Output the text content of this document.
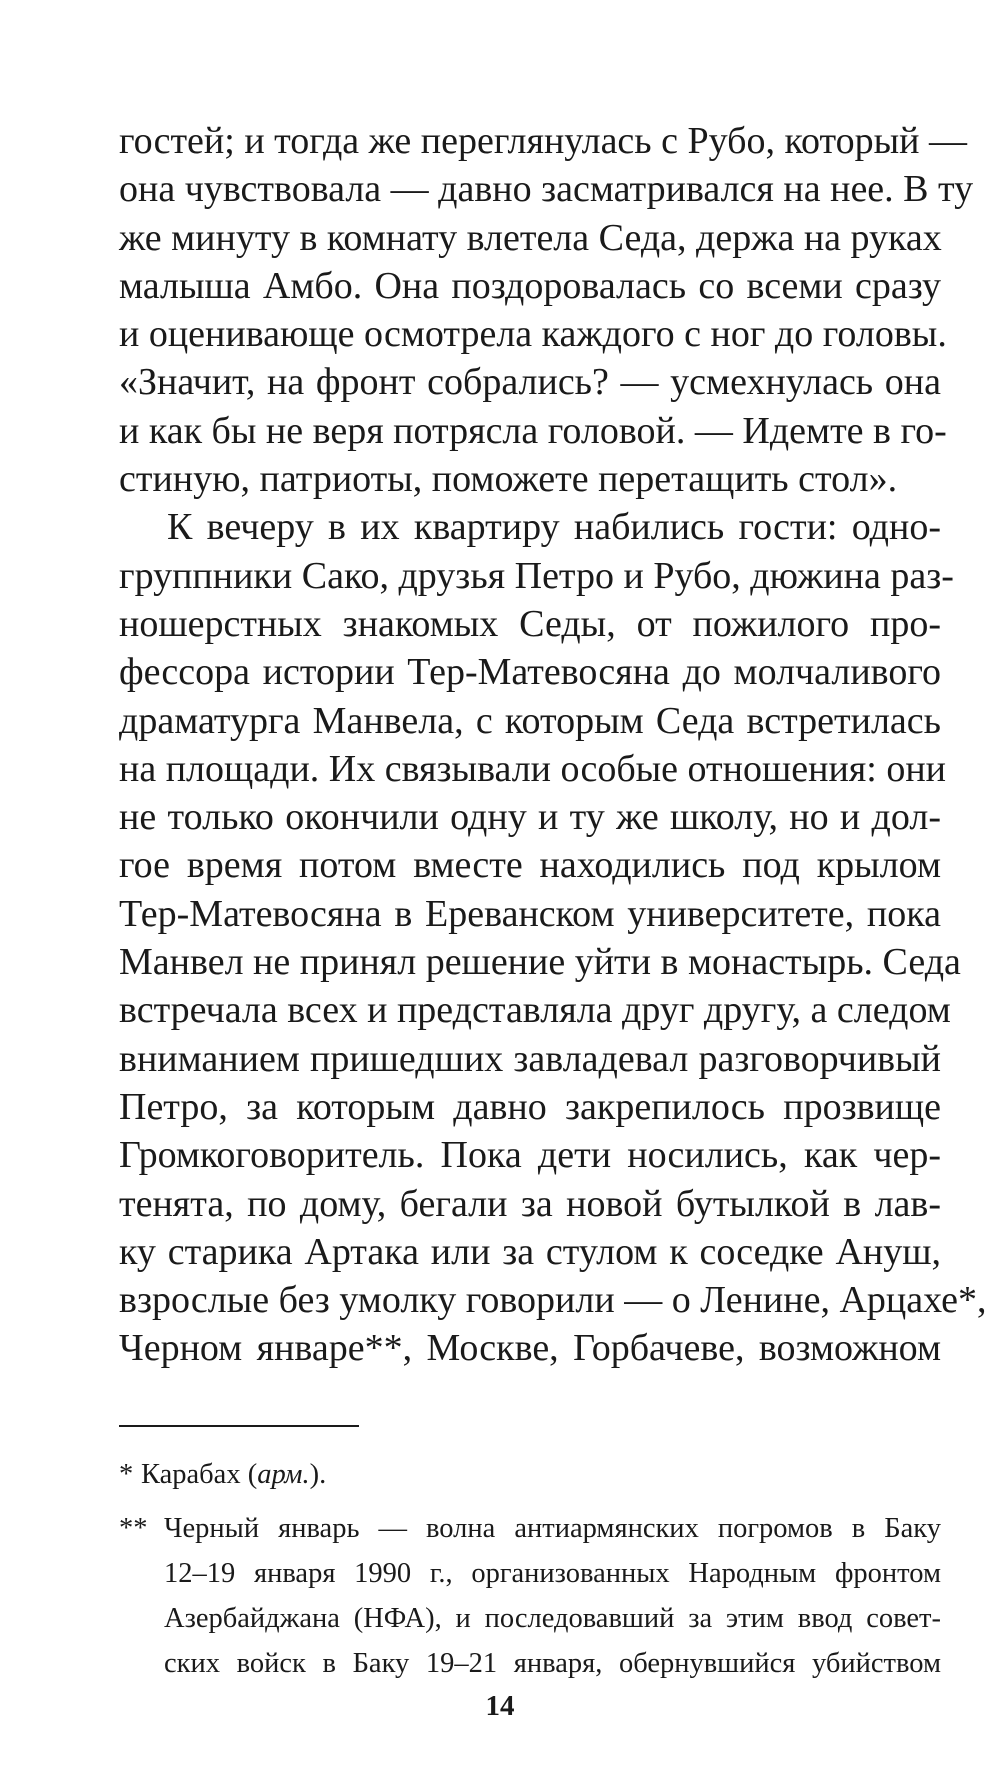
гостей; и тогда же переглянулась с Рубо, который —
она чувствовала — давно засматривался на нее. В ту
же минуту в комнату влетела Седа, держа на руках
малыша Амбо. Она поздоровалась со всеми сразу
и оценивающе осмотрела каждого с ног до головы.
«Значит, на фронт собрались? — усмехнулась она
и как бы не веря потрясла головой. — Идемте в го-
стиную, патриоты, поможете перетащить стол».

К вечеру в их квартиру набились гости: одно-
группники Сако, друзья Петро и Рубо, дюжина раз-
ношерстных знакомых Седы, от пожилого про-
фессора истории Тер-Матевосяна до молчаливого
драматурга Манвела, с которым Седа встретилась
на площади. Их связывали особые отношения: они
не только окончили одну и ту же школу, но и дол-
гое время потом вместе находились под крылом
Тер-Матевосяна в Ереванском университете, пока
Манвел не принял решение уйти в монастырь. Седа
встречала всех и представляла друг другу, а следом
вниманием пришедших завладевал разговорчивый
Петро, за которым давно закрепилось прозвище
Громкоговоритель. Пока дети носились, как чер-
тенята, по дому, бегали за новой бутылкой в лав-
ку старика Артака или за стулом к соседке Ануш,
взрослые без умолку говорили — о Ленине, Арцахе*,
Черном январе**, Москве, Горбачеве, возможном

* Карабах (арм.).

** Черный январь — волна антиармянских погромов в Баку
12–19 января 1990 г., организованных Народным фронтом
Азербайджана (НФА), и последовавший за этим ввод совет-
ских войск в Баку 19–21 января, обернувшийся убийством

14
